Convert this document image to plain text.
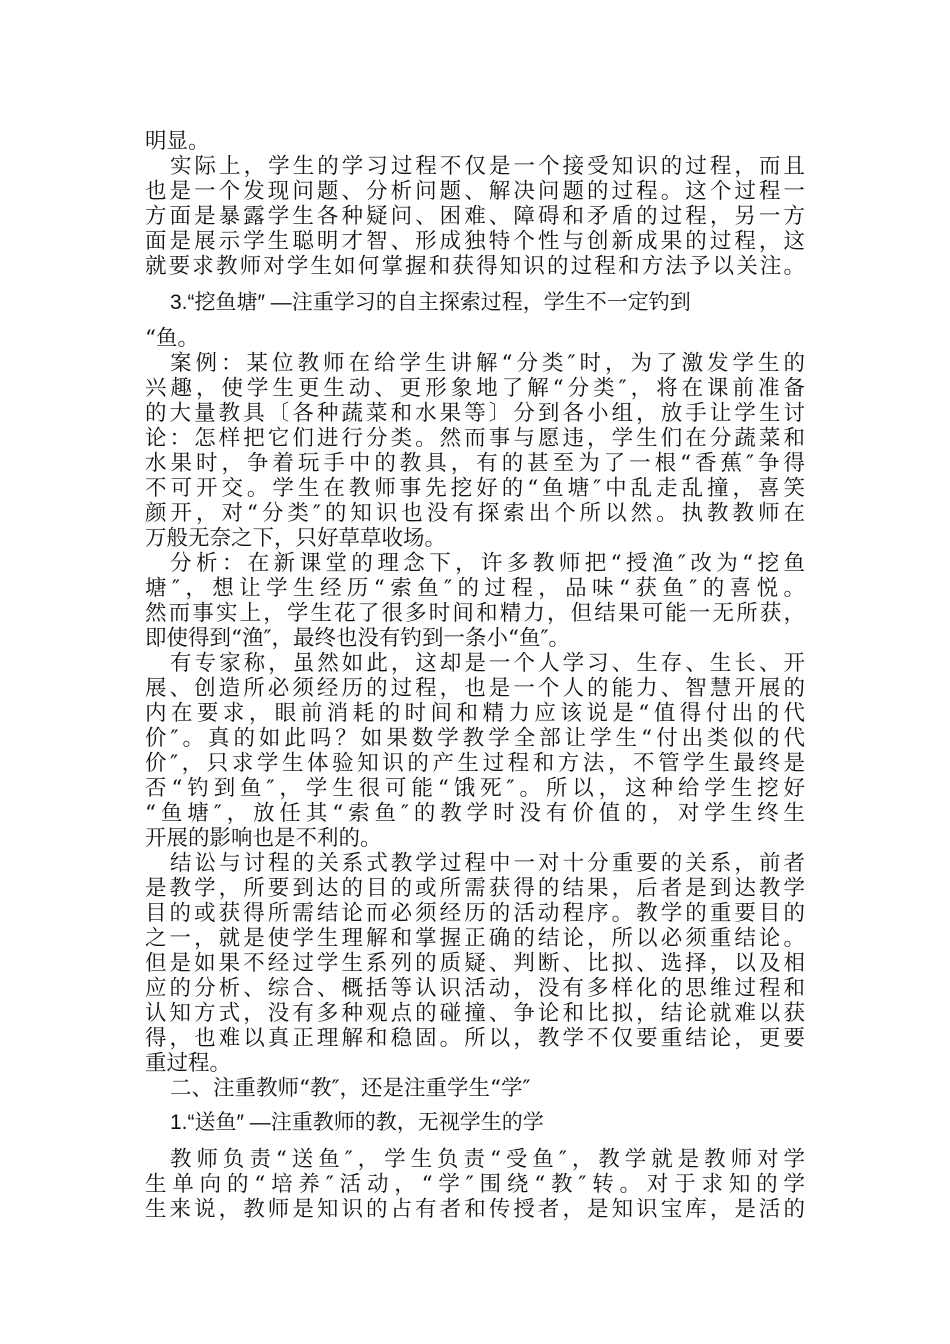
明显。
实际上，学生的学习过程不仅是一个接受知识的过程，而且
也是一个发现问题、分析问题、解决问题的过程。这个过程一
方面是暴露学生各种疑问、困难、障碍和矛盾的过程，另一方
面是展示学生聪明才智、形成独特个性与创新成果的过程，这
就要求教师对学生如何掌握和获得知识的过程和方法予以关注。
3.“挖鱼塘″ —注重学习的自主探索过程，学生不一定钓到
“鱼。
案例：某位教师在给学生讲解“分类″时，为了激发学生的
兴趣，使学生更生动、更形象地了解“分类″，将在课前准备
的大量教具〔各种蔬菜和水果等〕分到各小组，放手让学生讨
论：怎样把它们进行分类。然而事与愿违，学生们在分蔬菜和
水果时，争着玩手中的教具，有的甚至为了一根“香蕉″争得
不可开交。学生在教师事先挖好的“鱼塘″中乱走乱撞，喜笑
颜开，对“分类″的知识也没有探索出个所以然。执教教师在
万般无奈之下，只好草草收场。
分析：在新课堂的理念下，许多教师把“授渔″改为“挖鱼
塘″，想让学生经历“索鱼″的过程，品味“获鱼″的喜悦。
然而事实上，学生花了很多时间和精力，但结果可能一无所获，
即使得到“渔″，最终也没有钓到一条小“鱼″。
有专家称，虽然如此，这却是一个人学习、生存、生长、开
展、创造所必须经历的过程，也是一个人的能力、智慧开展的
内在要求，眼前消耗的时间和精力应该说是“值得付出的代
价″。真的如此吗？如果数学教学全部让学生“付出类似的代
价″，只求学生体验知识的产生过程和方法，不管学生最终是
否“钓到鱼″，学生很可能“饿死″。所以，这种给学生挖好
“鱼塘″，放任其“索鱼″的教学时没有价值的，对学生终生
开展的影响也是不利的。
结讼与讨程的关系式教学过程中一对十分重要的关系，前者
是教学，所要到达的目的或所需获得的结果，后者是到达教学
目的或获得所需结论而必须经历的活动程序。教学的重要目的
之一，就是使学生理解和掌握正确的结论，所以必须重结论。
但是如果不经过学生系列的质疑、判断、比拟、选择，以及相
应的分析、综合、概括等认识活动，没有多样化的思维过程和
认知方式，没有多种观点的碰撞、争论和比拟，结论就难以获
得，也难以真正理解和稳固。所以，教学不仅要重结论，更要
重过程。
二、注重教师“教″，还是注重学生“学″
1.“送鱼″ —注重教师的教，无视学生的学
教师负责“送鱼″，学生负责“受鱼″，教学就是教师对学
生单向的“培养″活动，“学″围绕“教″转。对于求知的学
生来说，教师是知识的占有者和传授者，是知识宝库，是活的
